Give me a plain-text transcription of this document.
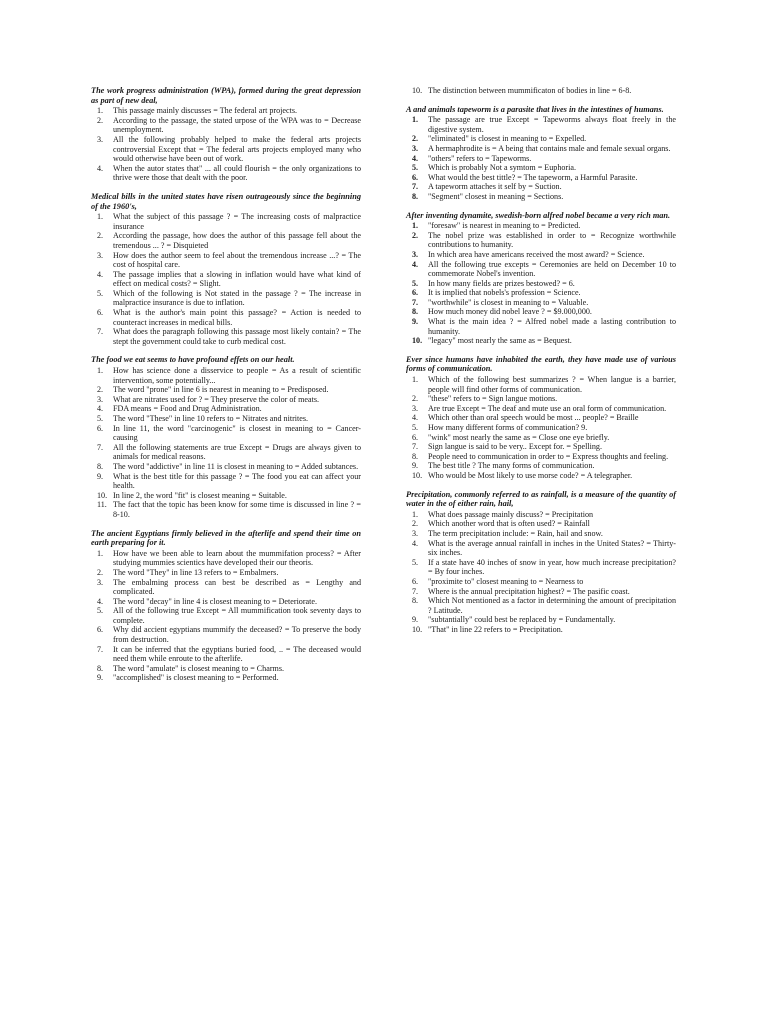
The work progress administration (WPA), formed during the great depression as part of new deal,
1. This passage mainly discusses = The federal art projects.
2. According to the passage, the stated urpose of the WPA was to = Decrease unemployment.
3. All the following probably helped to make the federal arts projects controversial Except that = The federal arts projects employed many who would otherwise have been out of work.
4. When the autor states that" ... all could flourish = the only organizations to thrive were those that dealt with the poor.
Medical bills in the united states have risen outrageously since the beginning of the 1960's,
1. What the subject of this passage ? = The increasing costs of malpractice insurance
2. According the passage, how does the author of this passage fell about the tremendous ... ? = Disquieted
3. How does the author seem to feel about the tremendous increase ...? = The cost of hospital care.
4. The passage implies that a slowing in inflation would have what kind of effect on medical costs? = Slight.
5. Which of the following is Not stated in the passage ? = The increase in malpractice insurance is due to inflation.
6. What is the author's main point this passage? = Action is needed to counteract increases in medical bills.
7. What does the paragraph following this passage most likely contain? = The stept the government could take to curb medical cost.
The food we eat seems to have profound effets on our healt.
1. How has science done a disservice to people = As a result of scientific intervention, some potentially...
2. The word "prone" in line 6 is nearest in meaning to = Predisposed.
3. What are nitrates used for ? = They preserve the color of meats.
4. FDA means = Food and Drug Administration.
5. The word "These" in line 10 refers to = Nitrates and nitrites.
6. In line 11, the word "carcinogenic" is closest in meaning to = Cancer-causing
7. All the following statements are true Except = Drugs are always given to animals for medical reasons.
8. The word "addictive" in line 11 is closest in meaning to = Added subtances.
9. What is the best title for this passage ? = The food you eat can affect your health.
10. In line 2, the word "fit" is closest meaning = Suitable.
11. The fact that the topic has been know for some time is discussed in line ? = 8-10.
The ancient Egyptians firmly believed in the afterlife and spend their time on earth preparing for it.
1. How have we been able to learn about the mummifation process? = After studying mummies scientics have developed their our theoris.
2. The word "They" in line 13 refers to = Embalmers.
3. The embalming process can best be described as = Lengthy and complicated.
4. The word "decay" in line 4 is closest meaning to = Deteriorate.
5. All of the following true Except = All mummification took seventy days to complete.
6. Why did accient egyptians mummify the deceased? = To preserve the body from destruction.
7. It can be inferred that the egyptians buried food, .. = The deceased would need them while enroute to the afterlife.
8. The word "amulate" is closest meaning to = Charms.
9. "accomplished" is closest meaning to = Performed.
10. The distinction between mummificaton of bodies in line = 6-8.
A and animals tapeworm is a parasite that lives in the intestines of humans.
1. The passage are true Except = Tapeworms always float freely in the digestive system.
2. "eliminated" is closest in meaning to = Expelled.
3. A hermaphrodite is = A being that contains male and female sexual organs.
4. "others" refers to = Tapeworms.
5. Which is probably Not a symtom = Euphoria.
6. What would the best tittle? = The tapeworm, a Harmful Parasite.
7. A tapeworm attaches it self by = Suction.
8. "Segment" closest in meaning = Sections.
After inventing dynamite, swedish-born alfred nobel became a very rich man.
1. "foresaw" is nearest in meaning to = Predicted.
2. The nobel prize was established in order to = Recognize worthwhile contributions to humanity.
3. In which area have americans received the most award? = Science.
4. All the following true excepts = Ceremonies are held on December 10 to commemorate Nobel's invention.
5. In how many fields are prizes bestowed? = 6.
6. It is implied that nobels's profession = Science.
7. "worthwhile" is closest in meaning to = Valuable.
8. How much money did nobel leave ? = $9.000,000.
9. What is the main idea ? = Alfred nobel made a lasting contribution to humanity.
10. "legacy" most nearly the same as = Bequest.
Ever since humans have inhabited the earth, they have made use of various forms of communication.
1. Which of the following best summarizes ? = When langue is a barrier, people will find other forms of communication.
2. "these" refers to = Sign langue motions.
3. Are true Except = The deaf and mute use an oral form of communication.
4. Which other than oral speech would be most ... people? = Braille
5. How many different forms of communication? 9.
6. "wink" most nearly the same as = Close one eye briefly.
7. Sign langue is said to be very.. Except for. = Spelling.
8. People need to communication in order to = Express thoughts and feeling.
9. The best title ? The many forms of communication.
10. Who would be Most likely to use morse code? = A telegrapher.
Precipitation, commonly referred to as rainfall, is a measure of the quantity of water in the of either rain, hail,
1. What does passage mainly discuss? = Precipitation
2. Which another word that is often used? = Rainfall
3. The term precipitation include: = Rain, hail and snow.
4. What is the average annual rainfall in inches in the United States? = Thirty-six inches.
5. If a state have 40 inches of snow in year, how much increase precipitation? = By four inches.
6. "proximite to" closest meaning to = Nearness to
7. Where is the annual precipitation highest? = The pasific coast.
8. Which Not mentioned as a factor in determining the amount of precipitation ? Latitude.
9. "subtantially" could best be replaced by = Fundamentally.
10. "That" in line 22 refers to = Precipitation.
